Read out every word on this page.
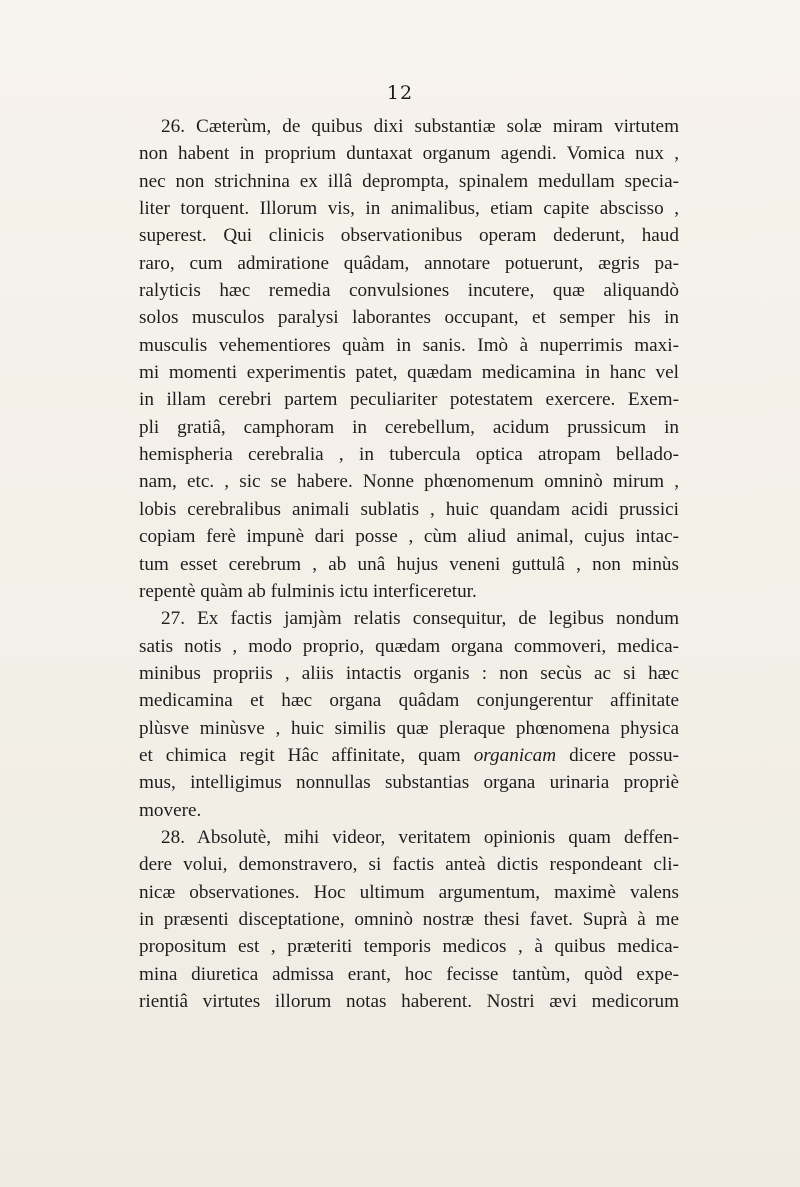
12
26. Cæterùm, de quibus dixi substantiæ solæ miram virtutem
non habent in proprium duntaxat organum agendi. Vomica nux ,
nec non strichnina ex illâ deprompta, spinalem medullam specia-
liter torquent. Illorum vis, in animalibus, etiam capite abscisso ,
superest. Qui clinicis observationibus operam dederunt, haud
raro, cum admiratione quâdam, annotare potuerunt, ægris pa-
ralyticis hæc remedia convulsiones incutere, quæ aliquandò
solos musculos paralysi laborantes occupant, et semper his in
musculis vehementiores quàm in sanis. Imò à nuperrimis maxi-
mi momenti experimentis patet, quædam medicamina in hanc vel
in illam cerebri partem peculiariter potestatem exercere. Exem-
pli gratiâ, camphoram in cerebellum, acidum prussicum in
hemispheria cerebralia , in tubercula optica atropam bellado-
nam, etc. , sic se habere. Nonne phœnomenum omninò mirum ,
lobis cerebralibus animali sublatis , huic quandam acidi prussici
copiam ferè impunè dari posse , cùm aliud animal, cujus intac-
tum esset cerebrum , ab unâ hujus veneni guttulâ , non minùs
repentè quàm ab fulminis ictu interficeretur.
27. Ex factis jamjàm relatis consequitur, de legibus nondum
satis notis , modo proprio, quædam organa commoveri, medica-
minibus propriis , aliis intactis organis : non secùs ac si hæc
medicamina et hæc organa quâdam conjungerentur affinitate
plùsve minùsve , huic similis quæ pleraque phœnomena physica
et chimica regit Hâc affinitate, quam organicam dicere possu-
mus, intelligimus nonnullas substantias organa urinaria propriè
movere.
28. Absolutè, mihi videor, veritatem opinionis quam deffen-
dere volui, demonstravero, si factis anteà dictis respondeant cli-
nicæ observationes. Hoc ultimum argumentum, maximè valens
in præsenti disceptatione, omninò nostræ thesi favet. Suprà à me
propositum est , præteriti temporis medicos , à quibus medica-
mina diuretica admissa erant, hoc fecisse tantùm, quòd expe-
rientiâ virtutes illorum notas haberent. Nostri ævi medicorum
